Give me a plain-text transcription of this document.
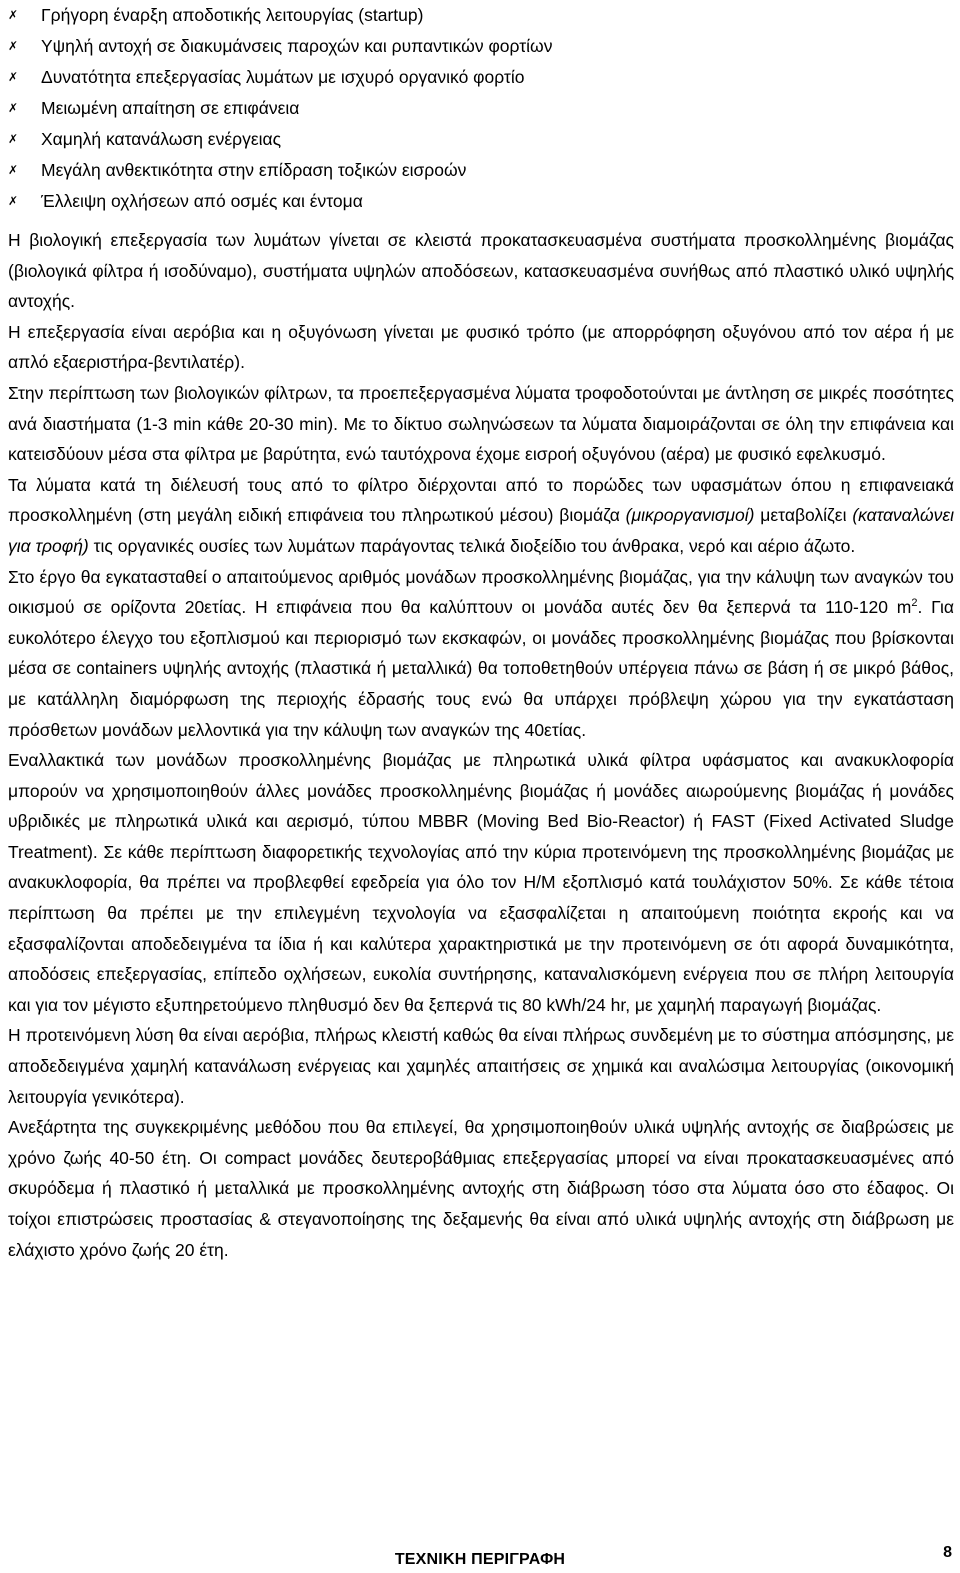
✗ Γρήγορη έναρξη αποδοτικής λειτουργίας (startup)
✗ Υψηλή αντοχή σε διακυμάνσεις παροχών και ρυπαντικών φορτίων
✗ Δυνατότητα επεξεργασίας λυμάτων με ισχυρό οργανικό φορτίο
✗ Μειωμένη απαίτηση σε επιφάνεια
✗ Χαμηλή κατανάλωση ενέργειας
✗ Μεγάλη ανθεκτικότητα στην επίδραση τοξικών εισροών
✗ Έλλειψη οχλήσεων από οσμές και έντομα

Η βιολογική επεξεργασία των λυμάτων γίνεται σε κλειστά προκατασκευασμένα συστήματα προσκολλημένης βιομάζας (βιολογικά φίλτρα ή ισοδύναμο), συστήματα υψηλών αποδόσεων, κατασκευασμένα συνήθως από πλαστικό υλικό υψηλής αντοχής.

Η επεξεργασία είναι αερόβια και η οξυγόνωση γίνεται με φυσικό τρόπο (με απορρόφηση οξυγόνου από τον αέρα ή με απλό εξαεριστήρα-βεντιλατέρ).

Στην περίπτωση των βιολογικών φίλτρων, τα προεπεξεργασμένα λύματα τροφοδοτούνται με άντληση σε μικρές ποσότητες ανά διαστήματα (1-3 min κάθε 20-30 min). Με το δίκτυο σωληνώσεων τα λύματα διαμοιράζονται σε όλη την επιφάνεια και κατεισδύουν μέσα στα φίλτρα με βαρύτητα, ενώ ταυτόχρονα έχομε εισροή οξυγόνου (αέρα) με φυσικό εφελκυσμό.

Τα λύματα κατά τη διέλευσή τους από το φίλτρο διέρχονται από το πορώδες των υφασμάτων όπου η επιφανειακά προσκολλημένη (στη μεγάλη ειδική επιφάνεια του πληρωτικού μέσου) βιομάζα (μικροργανισμοί) μεταβολίζει (καταναλώνει για τροφή) τις οργανικές ουσίες των λυμάτων παράγοντας τελικά διοξείδιο του άνθρακα, νερό και αέριο άζωτο.

Στο έργο θα εγκατασταθεί ο απαιτούμενος αριθμός μονάδων προσκολλημένης βιομάζας, για την κάλυψη των αναγκών του οικισμού σε ορίζοντα 20ετίας. Η επιφάνεια που θα καλύπτουν οι μονάδα αυτές δεν θα ξεπερνά τα 110-120 $m^2$. Για ευκολότερο έλεγχο του εξοπλισμού και περιορισμό των εκσκαφών, οι μονάδες προσκολλημένης βιομάζας που βρίσκονται μέσα σε containers υψηλής αντοχής (πλαστικά ή μεταλλικά) θα τοποθετηθούν υπέργεια πάνω σε βάση ή σε μικρό βάθος, με κατάλληλη διαμόρφωση της περιοχής έδρασής τους ενώ θα υπάρχει πρόβλεψη χώρου για την εγκατάσταση πρόσθετων μονάδων μελλοντικά για την κάλυψη των αναγκών της 40ετίας.

Εναλλακτικά των μονάδων προσκολλημένης βιομάζας με πληρωτικά υλικά φίλτρα υφάσματος και ανακυκλοφορία μπορούν να χρησιμοποιηθούν άλλες μονάδες προσκολλημένης βιομάζας ή μονάδες αιωρούμενης βιομάζας ή μονάδες υβριδικές με πληρωτικά υλικά και αερισμό, τύπου MBBR (Moving Bed Bio-Reactor) ή FAST (Fixed Activated Sludge Treatment). Σε κάθε περίπτωση διαφορετικής τεχνολογίας από την κύρια προτεινόμενη της προσκολλημένης βιομάζας με ανακυκλοφορία, θα πρέπει να προβλεφθεί εφεδρεία για όλο τον Η/Μ εξοπλισμό κατά τουλάχιστον 50%. Σε κάθε τέτοια περίπτωση θα πρέπει με την επιλεγμένη τεχνολογία να εξασφαλίζεται η απαιτούμενη ποιότητα εκροής και να εξασφαλίζονται αποδεδειγμένα τα ίδια ή και καλύτερα χαρακτηριστικά με την προτεινόμενη σε ότι αφορά δυναμικότητα, αποδόσεις επεξεργασίας, επίπεδο οχλήσεων, ευκολία συντήρησης, καταναλισκόμενη ενέργεια που σε πλήρη λειτουργία και για τον μέγιστο εξυπηρετούμενο πληθυσμό δεν θα ξεπερνά τις 80 kWh/24 hr, με χαμηλή παραγωγή βιομάζας.

Η προτεινόμενη λύση θα είναι αερόβια, πλήρως κλειστή καθώς θα είναι πλήρως συνδεμένη με το σύστημα απόσμησης, με αποδεδειγμένα χαμηλή κατανάλωση ενέργειας και χαμηλές απαιτήσεις σε χημικά και αναλώσιμα λειτουργίας (οικονομική λειτουργία γενικότερα).

Ανεξάρτητα της συγκεκριμένης μεθόδου που θα επιλεγεί, θα χρησιμοποιηθούν υλικά υψηλής αντοχής σε διαβρώσεις με χρόνο ζωής 40-50 έτη. Οι compact μονάδες δευτεροβάθμιας επεξεργασίας μπορεί να είναι προκατασκευασμένες από σκυρόδεμα ή πλαστικό ή μεταλλικά με προσκολλημένης αντοχής στη διάβρωση τόσο στα λύματα όσο στο έδαφος. Οι τοίχοι επιστρώσεις προστασίας & στεγανοποίησης της δεξαμενής θα είναι από υλικά υψηλής αντοχής στη διάβρωση με ελάχιστο χρόνο ζωής 20 έτη.

ΤΕΧΝΙΚΗ ΠΕΡΙΓΡΑΦΗ	8
